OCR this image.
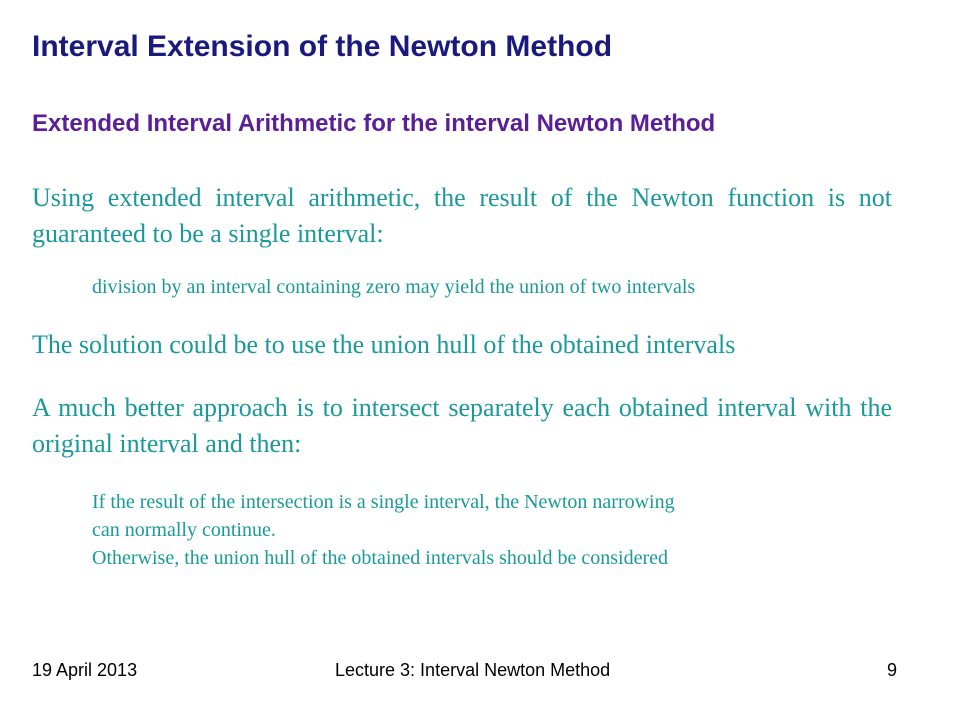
Interval Extension of the Newton Method
Extended Interval Arithmetic for the interval Newton Method

Using extended interval arithmetic, the result of the Newton function is not guaranteed to be a single interval:

division by an interval containing zero may yield the union of two intervals

The solution could be to use the union hull of the obtained intervals

A much better approach is to intersect separately each obtained interval with the original interval and then:

If the result of the intersection is a single interval, the Newton narrowing
can normally continue.
Otherwise, the union hull of the obtained intervals should be considered
19 April 2013	Lecture 3: Interval Newton Method	9
